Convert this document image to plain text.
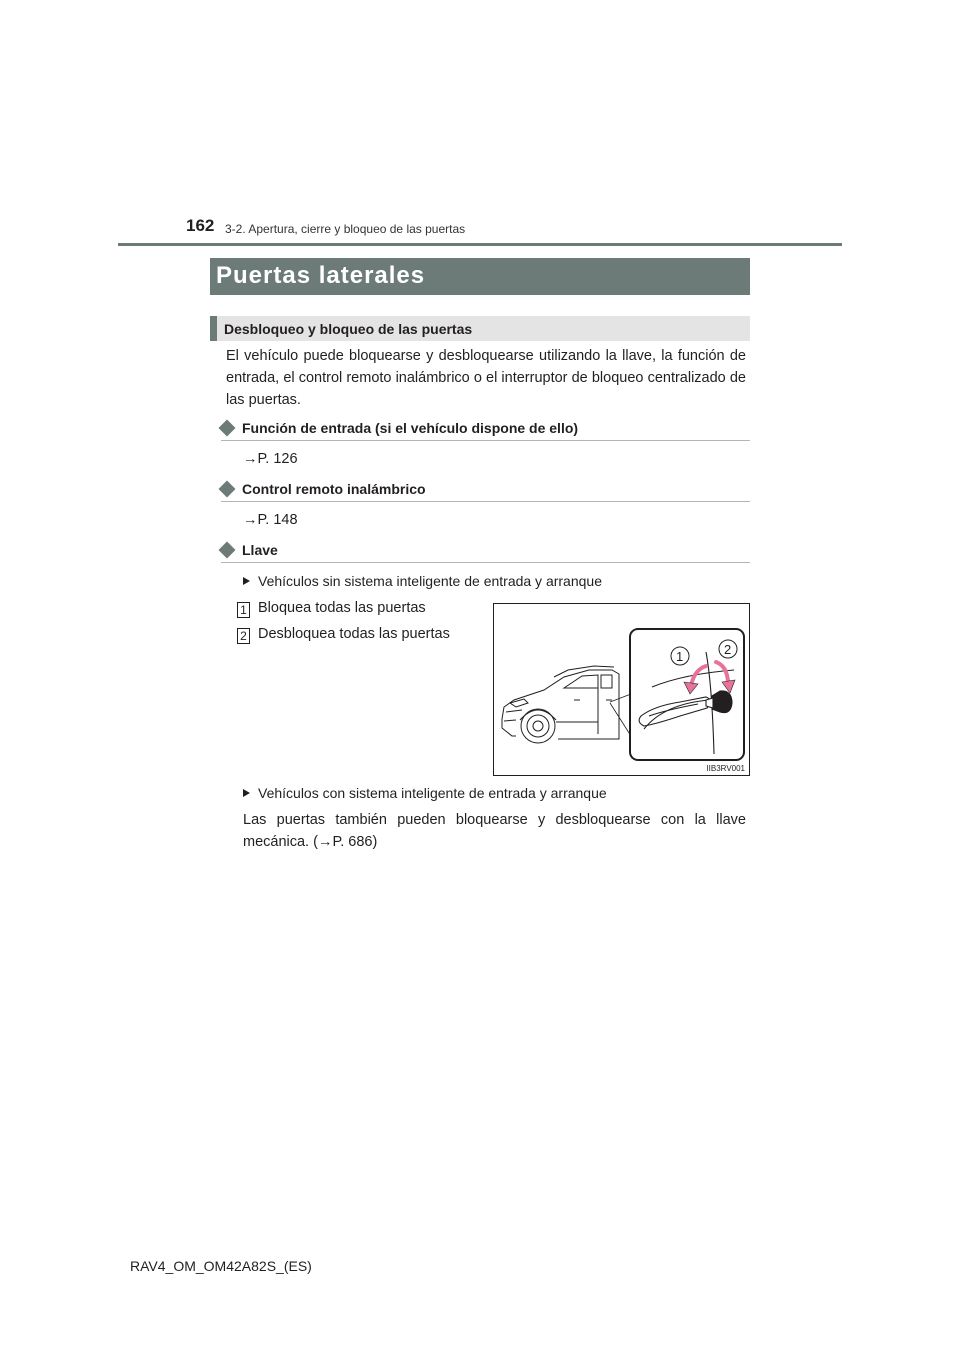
162 3-2. Apertura, cierre y bloqueo de las puertas
Puertas laterales
Desbloqueo y bloqueo de las puertas
El vehículo puede bloquearse y desbloquearse utilizando la llave, la función de entrada, el control remoto inalámbrico o el interruptor de bloqueo centralizado de las puertas.
Función de entrada (si el vehículo dispone de ello)
→P. 126
Control remoto inalámbrico
→P. 148
Llave
Vehículos sin sistema inteligente de entrada y arranque
1 Bloquea todas las puertas
2 Desbloquea todas las puertas
1	2
IIB3RV001
Vehículos con sistema inteligente de entrada y arranque
Las puertas también pueden bloquearse y desbloquearse con la llave mecánica. (→P. 686)
RAV4_OM_OM42A82S_(ES)
